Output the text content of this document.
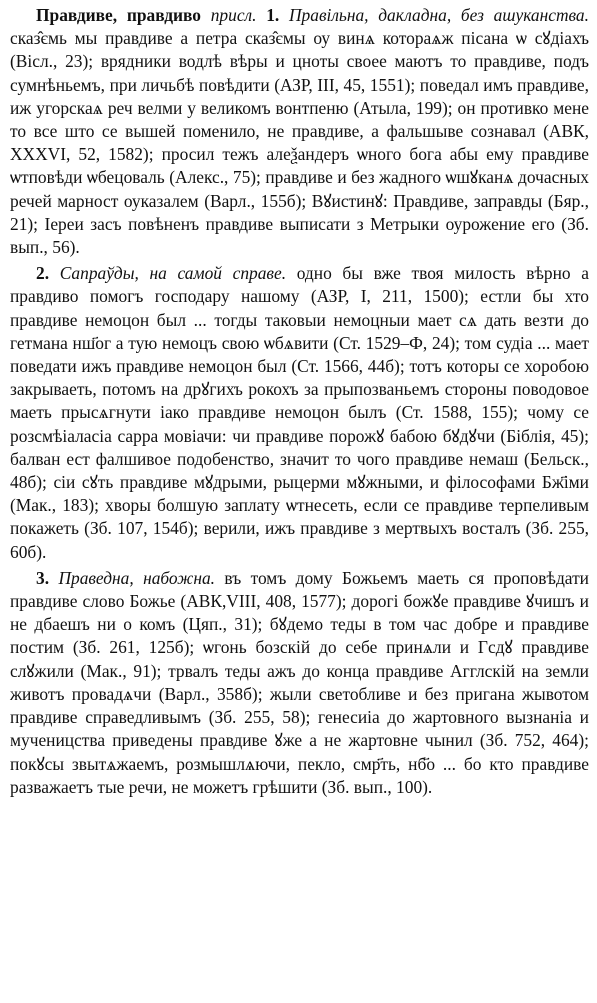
Правдиве, правдиво присл. 1. Правільна, дакладна, без ашуканства. сказ̂ємь мы правдиве а петра сказ̂ємы оу винѧ котораѧж пісана ѡ сꙋдіахъ (Вісл., 23); врядники водлѣ вѣры и цноты своее маютъ то правдиве, подъ сумнѣньемъ, при личьбѣ повѣдити (АЗР, III, 45, 1551); поведал имъ правдиве, иж угорскаѧ реч велми у великомъ вонтпеню (Атыла, 199); он противко мене то все што се вышей поменило, не правдиве, а фальшыве сознавал (АВК, XXXVI, 52, 1582); просил тежъ алеѯандеръ ѡного бога абы ему правдиве ѡтповѣди ѡбецоваль (Алекс., 75); правдиве и без жадного ѡшꙋканѧ дочасных речей марност оуказалем (Варл., 155б); Вꙋистинꙋ: Правдиве, заправды (Бяр., 21); Іереи засъ повѣненъ правдиве выписати з Метрыки оурожение его (Зб. вып., 56).

2. Сапраўды, на самой справе. одно бы вже твоя милость вѣрно а правдиво помогъ господару нашому (АЗР, І, 211, 1500); естли бы хто правдиве немоцон был ... тогды таковыи немоцныи мает сѧ дать везти до гетмана нш҃ог а тую немоцъ свою ѡбѧвити (Ст. 1529–Ф, 24); том судіа ... мает поведати ижъ правдиве немоцон был (Ст. 1566, 44б); тотъ которы се хоробою закрываеть, потомъ на дрꙋгихъ рокохъ за прыпозваньемъ стороны поводовое маеть прысѧгнути іако правдиве немоцон былъ (Ст. 1588, 155); чому се розсмѣіаласіа сарра мовіачи: чи правдиве порожꙋ бабою бꙋдꙋчи (Біблія, 45); балван ест фалшивое подобенство, значит то чого правдиве немаш (Бельск., 48б); сіи сꙋть правдиве мꙋдрыми, рыцерми мꙋжными, и філософами Бж҃іми (Мак., 183); хворы болшую заплату ѡтнесеть, если се правдиве терпеливым покажеть (Зб. 107, 154б); верили, ижъ правдиве з мертвыхъ восталъ (Зб. 255, 60б).

3. Праведна, набожна. въ томъ дому Божьемъ маеть ся проповѣдати правдиве слово Божье (АВК,VIII, 408, 1577); дорогі божꙋе правдиве ꙋчишъ и не дбаешъ ни о комъ (Цяп., 31); бꙋдемо теды в том час добре и правдиве постим (Зб. 261, 125б); ѡгонь бозскій до себе принѧли и Гсдꙋ правдиве слꙋжили (Мак., 91); трвалъ теды ажъ до конца правдиве Агглскій на земли животъ провадѧчи (Варл., 358б); жыли светобливе и без пригана жывотом правдиве справедливымъ (Зб. 255, 58); генесиіа до жартовного вызнаніа и мученицства приведены правдиве ꙋже а не жартовне чынил (Зб. 752, 464); покꙋсы звытѧжаемъ, розмышлѧючи, пекло, смр҃ть, нб҃о ... бо кто правдиве разважаетъ тые речи, не можетъ грѣшити (Зб. вып., 100).
